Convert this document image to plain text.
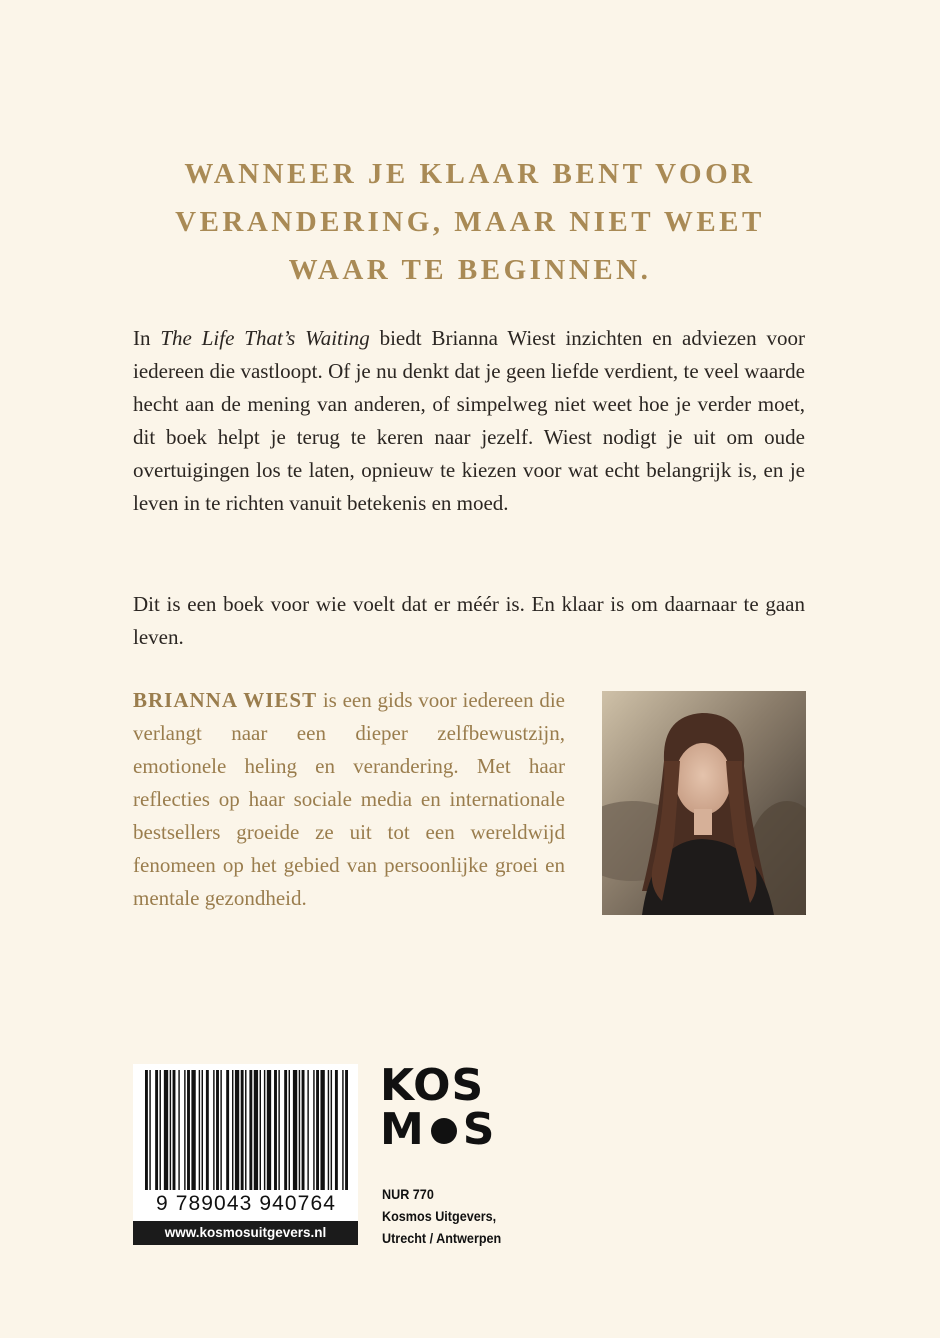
WANNEER JE KLAAR BENT VOOR
VERANDERING, MAAR NIET WEET
WAAR TE BEGINNEN.
In The Life That’s Waiting biedt Brianna Wiest inzichten en adviezen voor iedereen die vastloopt. Of je nu denkt dat je geen liefde verdient, te veel waarde hecht aan de mening van anderen, of simpelweg niet weet hoe je verder moet, dit boek helpt je terug te keren naar jezelf. Wiest nodigt je uit om oude overtuigingen los te laten, opnieuw te kiezen voor wat echt belangrijk is, en je leven in te richten vanuit betekenis en moed.
Dit is een boek voor wie voelt dat er méér is. En klaar is om daarnaar te gaan leven.
BRIANNA WIEST is een gids voor iedereen die verlangt naar een dieper zelfbewustzijn, emotionele heling en verandering. Met haar reflecties op haar sociale media en internationale bestsellers groeide ze uit tot een wereldwijd fenomeen op het gebied van persoonlijke groei en mentale gezondheid.
9 789043 940764
www.kosmosuitgevers.nl
KOS
M S
NUR 770
Kosmos Uitgevers,
Utrecht / Antwerpen
